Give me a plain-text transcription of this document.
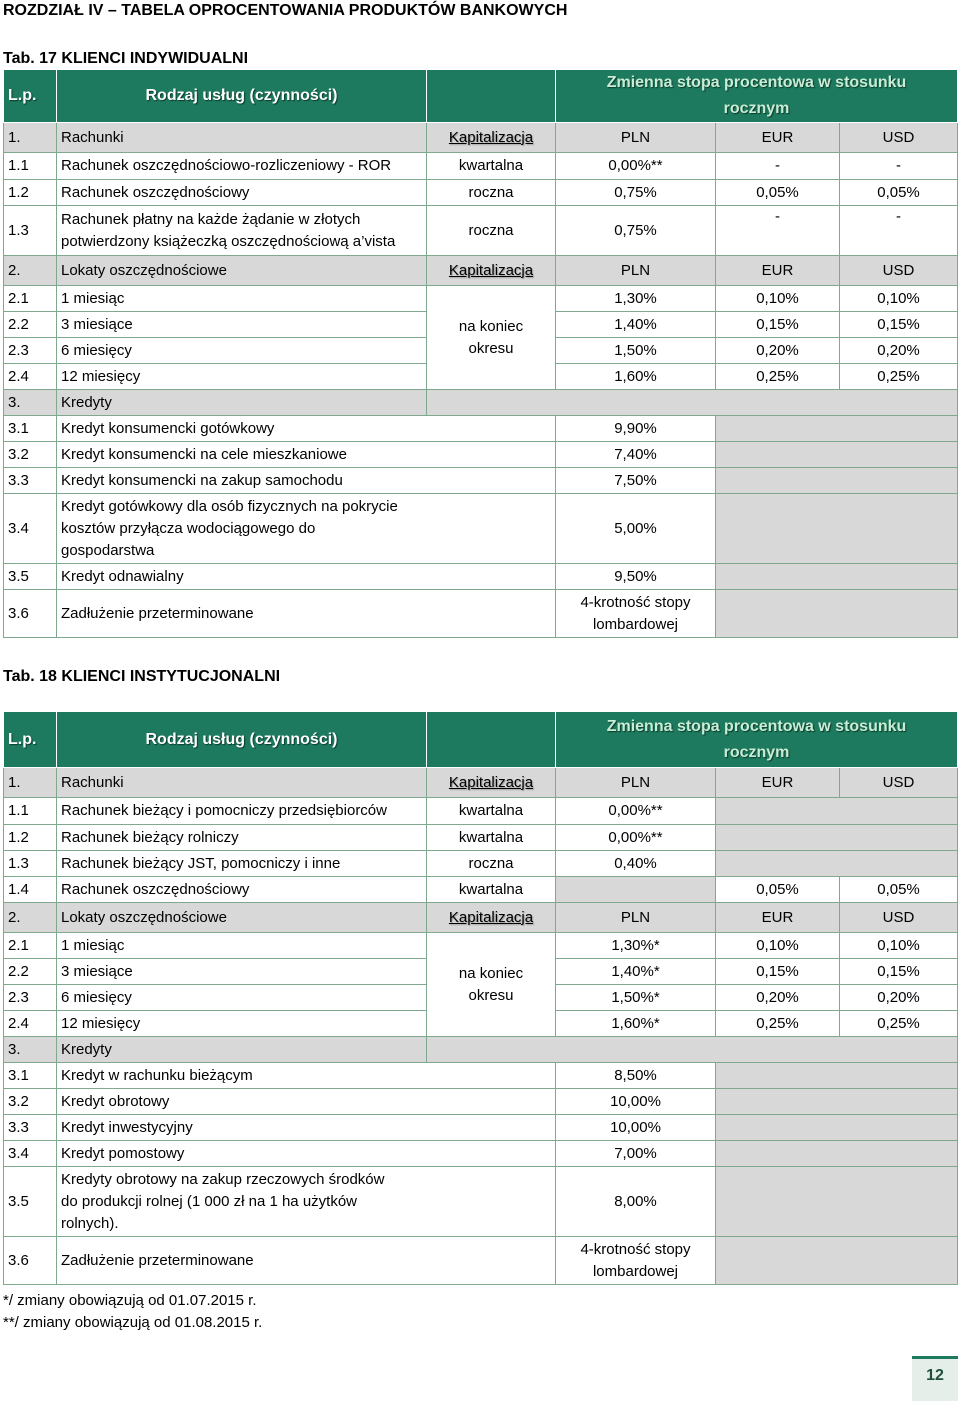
ROZDZIAŁ IV – TABELA OPROCENTOWANIA PRODUKTÓW BANKOWYCH
Tab. 17 KLIENCI INDYWIDUALNI
L.p.	Rodzaj usług (czynności)		Zmienna stopa procentowa w stosunku
rocznym		

1.	Rachunki	Kapitalizacja	PLN	EUR	USD
1.1	Rachunek oszczędnościowo-rozliczeniowy - ROR	kwartalna	0,00%**	-	-
1.2	Rachunek oszczędnościowy	roczna	0,75%	0,05%	0,05%
1.3	Rachunek płatny na każde żądanie w złotych
potwierdzony książeczką oszczędnościową a’vista	roczna	0,75%	-	-
2.	Lokaty oszczędnościowe	Kapitalizacja	PLN	EUR	USD
2.1	1 miesiąc	na koniec
okresu	1,30%	0,10%	0,10%
2.2	3 miesiące		1,40%	0,15%	0,15%
2.3	6 miesięcy		1,50%	0,20%	0,20%
2.4	12 miesięcy		1,60%	0,25%	0,25%
3.	Kredyty				
3.1	Kredyt konsumencki gotówkowy		9,90%		
3.2	Kredyt konsumencki na cele mieszkaniowe		7,40%		
3.3	Kredyt konsumencki na zakup samochodu		7,50%		
3.4	Kredyt gotówkowy dla osób fizycznych na pokrycie
kosztów przyłącza wodociągowego do
gospodarstwa		5,00%		
3.5	Kredyt odnawialny		9,50%		
3.6	Zadłużenie przeterminowane		4-krotność stopy
lombardowej		

Tab. 18 KLIENCI INSTYTUCJONALNI
L.p.	Rodzaj usług (czynności)		Zmienna stopa procentowa w stosunku
rocznym		

1.	Rachunki	Kapitalizacja	PLN	EUR	USD
1.1	Rachunek bieżący i pomocniczy przedsiębiorców	kwartalna	0,00%**		
1.2	Rachunek bieżący rolniczy	kwartalna	0,00%**		
1.3	Rachunek bieżący JST, pomocniczy i inne	roczna	0,40%		
1.4	Rachunek oszczędnościowy	kwartalna		0,05%	0,05%
2.	Lokaty oszczędnościowe	Kapitalizacja	PLN	EUR	USD
2.1	1 miesiąc	na koniec
okresu	1,30%*	0,10%	0,10%
2.2	3 miesiące		1,40%*	0,15%	0,15%
2.3	6 miesięcy		1,50%*	0,20%	0,20%
2.4	12 miesięcy		1,60%*	0,25%	0,25%
3.	Kredyty				
3.1	Kredyt w rachunku bieżącym		8,50%		
3.2	Kredyt obrotowy		10,00%		
3.3	Kredyt inwestycyjny		10,00%		
3.4	Kredyt pomostowy		7,00%		
3.5	Kredyty obrotowy na zakup rzeczowych środków
do produkcji rolnej (1 000 zł na 1 ha użytków
rolnych).		8,00%		
3.6	Zadłużenie przeterminowane		4-krotność stopy
lombardowej		

*/ zmiany obowiązują od 01.07.2015 r.
**/ zmiany obowiązują od 01.08.2015 r.
12
